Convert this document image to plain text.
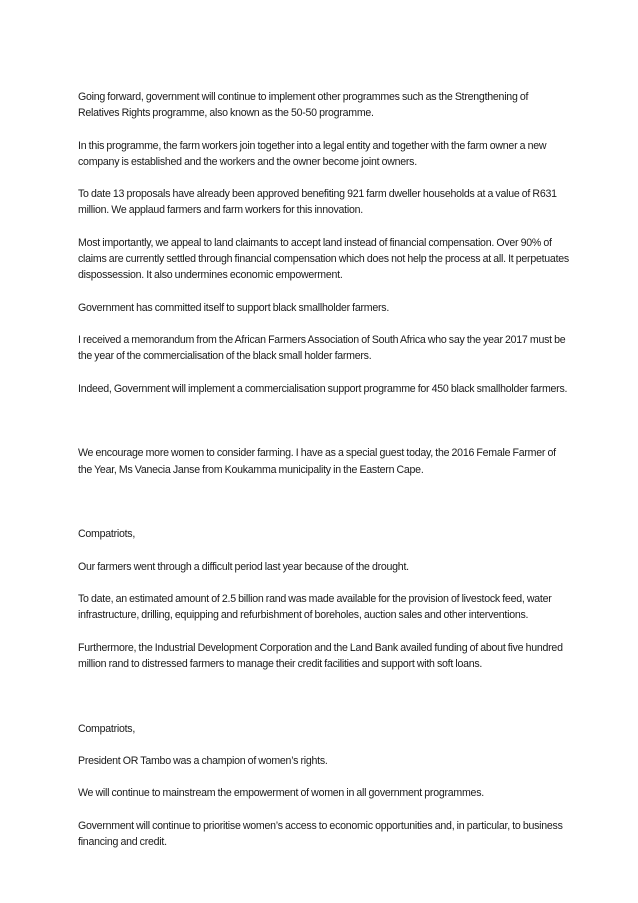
Going forward, government will continue to implement other programmes such as the Strengthening of Relatives Rights programme, also known as the 50-50 programme.

In this programme, the farm workers join together into a legal entity and together with the farm owner a new company is established and the workers and the owner become joint owners.

To date 13 proposals have already been approved benefiting 921 farm dweller households at a value of R631 million. We applaud farmers and farm workers for this innovation.

Most importantly, we appeal to land claimants to accept land instead of financial compensation. Over 90% of claims are currently settled through financial compensation which does not help the process at all. It perpetuates dispossession. It also undermines economic empowerment.

Government has committed itself to support black smallholder farmers.

I received a memorandum from the African Farmers Association of South Africa who say the year 2017 must be the year of the commercialisation of the black small holder farmers.

Indeed, Government will implement a commercialisation support programme for 450 black smallholder farmers.

We encourage more women to consider farming. I have as a special guest today, the 2016 Female Farmer of the Year, Ms Vanecia Janse from Koukamma municipality in the Eastern Cape.

Compatriots,

Our farmers went through a difficult period last year because of the drought.

To date, an estimated amount of 2.5 billion rand was made available for the provision of livestock feed, water infrastructure, drilling, equipping and refurbishment of boreholes, auction sales and other interventions.

Furthermore, the Industrial Development Corporation and the Land Bank availed funding of about five hundred million rand to distressed farmers to manage their credit facilities and support with soft loans.

Compatriots,

President OR Tambo was a champion of women’s rights.

We will continue to mainstream the empowerment of women in all government programmes.

Government will continue to prioritise women’s access to economic opportunities and, in particular, to business financing and credit.
